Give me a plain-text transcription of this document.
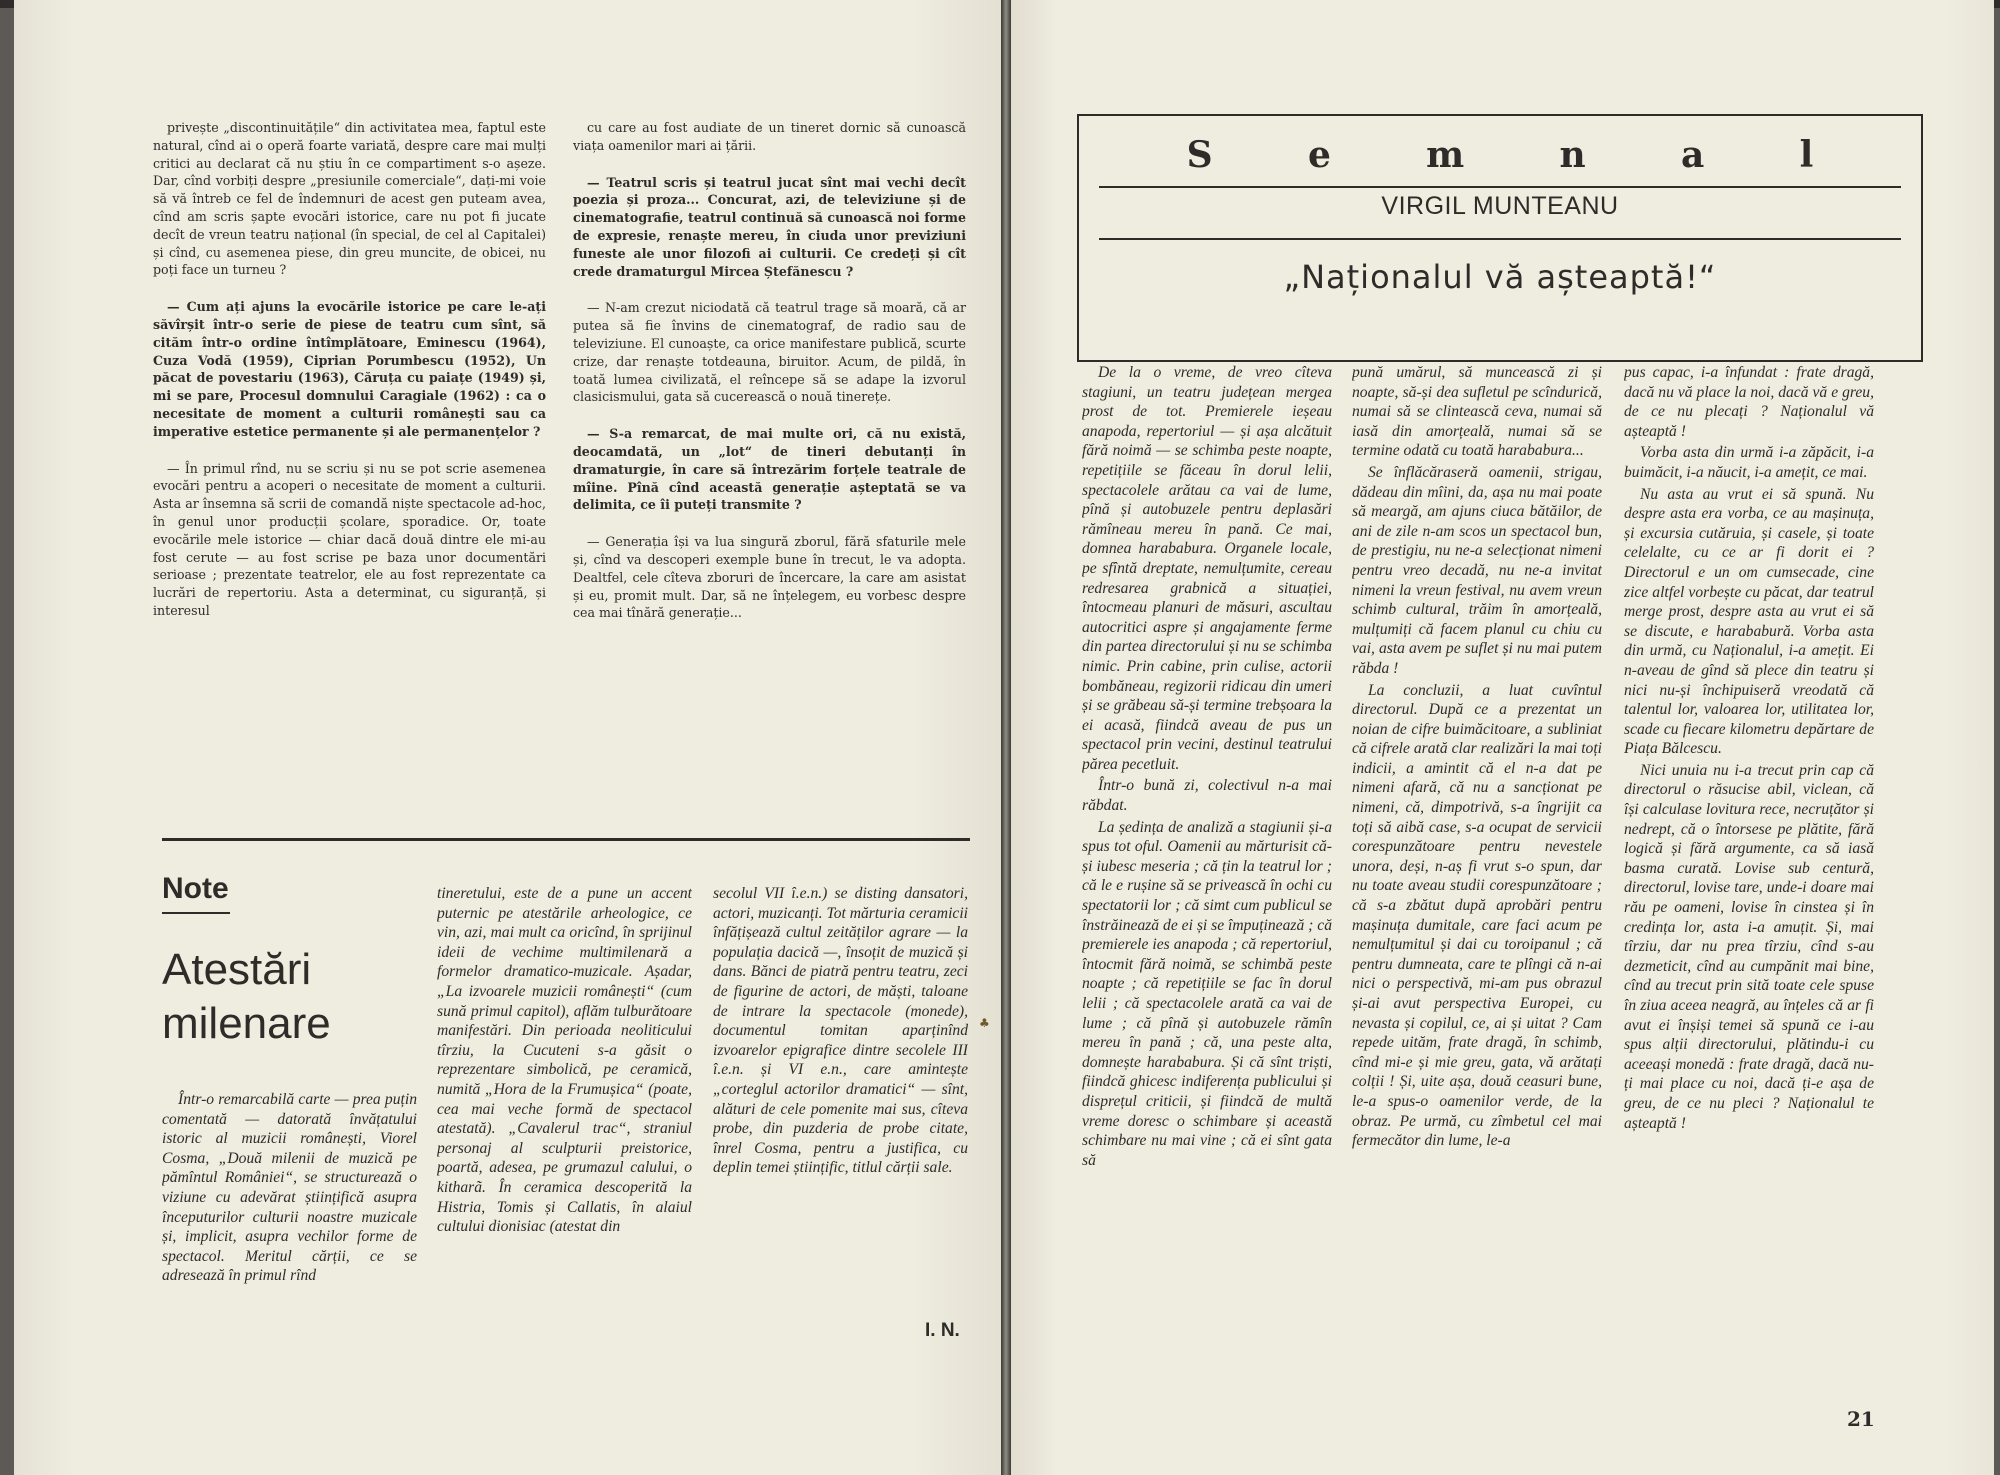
privește „discontinuitățile“ din activitatea mea, faptul este natural, cînd ai o operă foarte variată, despre care mai mulți critici au declarat că nu știu în ce compartiment s-o așeze. Dar, cînd vorbiți despre „presiunile comerciale“, dați-mi voie să vă întreb ce fel de îndemnuri de acest gen puteam avea, cînd am scris șapte evocări istorice, care nu pot fi jucate decît de vreun teatru național (în special, de cel al Capitalei) și cînd, cu asemenea piese, din greu muncite, de obicei, nu poți face un turneu ?

— Cum ați ajuns la evocările istorice pe care le-ați săvîrșit într-o serie de piese de teatru cum sînt, să cităm într-o ordine întîmplătoare, Eminescu (1964), Cuza Vodă (1959), Ciprian Porumbescu (1952), Un păcat de povestariu (1963), Căruța cu paiațe (1949) și, mi se pare, Procesul domnului Caragiale (1962) : ca o necesitate de moment a culturii românești sau ca imperative estetice permanente și ale permanențelor ?

— În primul rînd, nu se scriu și nu se pot scrie asemenea evocări pentru a acoperi o necesitate de moment a culturii. Asta ar însemna să scrii de comandă niște spectacole ad-hoc, în genul unor producții școlare, sporadice. Or, toate evocările mele istorice — chiar dacă două dintre ele mi-au fost cerute — au fost scrise pe baza unor documentări serioase ; prezentate teatrelor, ele au fost reprezentate ca lucrări de repertoriu. Asta a determinat, cu siguranță, și interesul

cu care au fost audiate de un tineret dornic să cunoască viața oamenilor mari ai țării.

— Teatrul scris și teatrul jucat sînt mai vechi decît poezia și proza... Concurat, azi, de televiziune și de cinematografie, teatrul continuă să cunoască noi forme de expresie, renaște mereu, în ciuda unor previziuni funeste ale unor filozofi ai culturii. Ce credeți și cît crede dramaturgul Mircea Ștefănescu ?

— N-am crezut niciodată că teatrul trage să moară, că ar putea să fie învins de cinematograf, de radio sau de televiziune. El cunoaște, ca orice manifestare publică, scurte crize, dar renaște totdeauna, biruitor. Acum, de pildă, în toată lumea civilizată, el reîncepe să se adape la izvorul clasicismului, gata să cucerească o nouă tinerețe.

— S-a remarcat, de mai multe ori, că nu există, deocamdată, un „lot“ de tineri debutanți în dramaturgie, în care să întrezărim forțele teatrale de mîine. Pînă cînd această generație așteptată se va delimita, ce îi puteți transmite ?

— Generația își va lua singură zborul, fără sfaturile mele și, cînd va descoperi exemple bune în trecut, le va adopta. Dealtfel, cele cîteva zboruri de încercare, la care am asistat și eu, promit mult. Dar, să ne înțelegem, eu vorbesc despre cea mai tînără generație...

Note
Atestări milenare

Într-o remarcabilă carte — prea puțin comentată — datorată învățatului istoric al muzicii românești, Viorel Cosma, „Două milenii de muzică pe pămîntul României“, se structurează o viziune cu adevărat științifică asupra începuturilor culturii noastre muzicale și, implicit, asupra vechilor forme de spectacol. Meritul cărții, ce se adresează în primul rînd

tineretului, este de a pune un accent puternic pe atestările arheologice, ce vin, azi, mai mult ca oricînd, în sprijinul ideii de vechime multimilenară a formelor dramatico-muzicale. Așadar, „La izvoarele muzicii românești“ (cum sună primul capitol), aflăm tulburătoare manifestări. Din perioada neoliticului tîrziu, la Cucuteni s-a găsit o reprezentare simbolică, pe ceramică, numită „Hora de la Frumușica“ (poate, cea mai veche formă de spectacol atestată). „Cavalerul trac“, straniul personaj al sculpturii preistorice, poartă, adesea, pe grumazul calului, o kitharã. În ceramica descoperită la Histria, Tomis și Callatis, în alaiul cultului dionisiac (atestat din

secolul VII î.e.n.) se disting dansatori, actori, muzicanți. Tot mărturia ceramicii înfățișează cultul zeităților agrare — la populația dacică —, însoțit de muzică și dans. Bănci de piatră pentru teatru, zeci de figurine de actori, de măști, taloane de intrare la spectacole (monede), documentul tomitan aparținînd izvoarelor epigrafice dintre secolele III î.e.n. și VI e.n., care amintește „corteglul actorilor dramatici“ — sînt, alături de cele pomenite mai sus, cîteva probe, din puzderia de probe citate, înrel Cosma, pentru a justifica, cu deplin temei științific, titlul cărții sale.

I. N.
♣
S	e	m	n	a	l
VIRGIL MUNTEANU
„Naționalul vă așteaptă!“

De la o vreme, de vreo cîteva stagiuni, un teatru județean mergea prost de tot. Premierele ieșeau anapoda, repertoriul — și așa alcătuit fără noimă — se schimba peste noapte, repetițiile se făceau în dorul lelii, spectacolele arătau ca vai de lume, pînă și autobuzele pentru deplasări rămîneau mereu în pană. Ce mai, domnea harababura. Organele locale, pe sfîntă dreptate, nemulțumite, cereau redresarea grabnică a situației, întocmeau planuri de măsuri, ascultau autocritici aspre și angajamente ferme din partea directorului și nu se schimba nimic. Prin cabine, prin culise, actorii bombăneau, regizorii ridicau din umeri și se grăbeau să-și termine trebșoara la ei acasă, fiindcă aveau de pus un spectacol prin vecini, destinul teatrului părea pecetluit.

Într-o bună zi, colectivul n-a mai răbdat.

La ședința de analiză a stagiunii și-a spus tot oful. Oamenii au mărturisit că-și iubesc meseria ; că țin la teatrul lor ; că le e rușine să se privească în ochi cu spectatorii lor ; că simt cum publicul se înstrăinează de ei și se împuținează ; că premierele ies anapoda ; că repertoriul, întocmit fără noimă, se schimbă peste noapte ; că repetițiile se fac în dorul lelii ; că spectacolele arată ca vai de lume ; că pînă și autobuzele rămîn mereu în pană ; că, una peste alta, domnește harababura. Și că sînt triști, fiindcă ghicesc indiferența publicului și disprețul criticii, și fiindcă de multă vreme doresc o schimbare și această schimbare nu mai vine ; că ei sînt gata să

pună umărul, să muncească zi și noapte, să-și dea sufletul pe scîndurică, numai să se clintească ceva, numai să iasă din amorțeală, numai să se termine odată cu toată harababura...

Se înflăcăraseră oamenii, strigau, dădeau din mîini, da, așa nu mai poate să meargă, am ajuns ciuca bătăilor, de ani de zile n-am scos un spectacol bun, de prestigiu, nu ne-a selecționat nimeni pentru vreo decadă, nu ne-a invitat nimeni la vreun festival, nu avem vreun schimb cultural, trăim în amorțeală, mulțumiți că facem planul cu chiu cu vai, asta avem pe suflet și nu mai putem răbda !

La concluzii, a luat cuvîntul directorul. După ce a prezentat un noian de cifre buimăcitoare, a subliniat că cifrele arată clar realizări la mai toți indicii, a amintit că el n-a dat pe nimeni afară, că nu a sancționat pe nimeni, că, dimpotrivă, s-a îngrijit ca toți să aibă case, s-a ocupat de servicii corespunzătoare pentru nevestele unora, deși, n-aș fi vrut s-o spun, dar nu toate aveau studii corespunzătoare ; că s-a zbătut după aprobări pentru mașinuța dumitale, care faci acum pe nemulțumitul și dai cu toroipanul ; că pentru dumneata, care te plîngi că n-ai nici o perspectivă, mi-am pus obrazul și-ai avut perspectiva Europei, cu nevasta și copilul, ce, ai și uitat ? Cam repede uităm, frate dragă, în schimb, cînd mi-e și mie greu, gata, vă arătați colții ! Și, uite așa, două ceasuri bune, le-a spus-o oamenilor verde, de la obraz. Pe urmă, cu zîmbetul cel mai fermecător din lume, le-a

pus capac, i-a înfundat : frate dragă, dacă nu vă place la noi, dacă vă e greu, de ce nu plecați ? Naționalul vă așteaptă !

Vorba asta din urmă i-a zăpăcit, i-a buimăcit, i-a năucit, i-a amețit, ce mai.

Nu asta au vrut ei să spună. Nu despre asta era vorba, ce au mașinuța, și excursia cutăruia, și casele, și toate celelalte, cu ce ar fi dorit ei ? Directorul e un om cumsecade, cine zice altfel vorbește cu păcat, dar teatrul merge prost, despre asta au vrut ei să se discute, e harababură. Vorba asta din urmă, cu Naționalul, i-a amețit. Ei n-aveau de gînd să plece din teatru și nici nu-și închipuiseră vreodată că talentul lor, valoarea lor, utilitatea lor, scade cu fiecare kilometru depărtare de Piața Bălcescu.

Nici unuia nu i-a trecut prin cap că directorul o răsucise abil, viclean, că își calculase lovitura rece, necruțător și nedrept, că o întorsese pe plătite, fără logică și fără argumente, ca să iasă basma curată. Lovise sub centură, directorul, lovise tare, unde-i doare mai rău pe oameni, lovise în cinstea și în credința lor, asta i-a amuțit. Și, mai tîrziu, dar nu prea tîrziu, cînd s-au dezmeticit, cînd au cumpănit mai bine, cînd au trecut prin sită toate cele spuse în ziua aceea neagră, au înțeles că ar fi avut ei înșiși temei să spună ce i-au spus alții directorului, plătindu-i cu aceeași monedă : frate dragă, dacă nu-ți mai place cu noi, dacă ți-e așa de greu, de ce nu pleci ? Naționalul te așteaptă !

21
